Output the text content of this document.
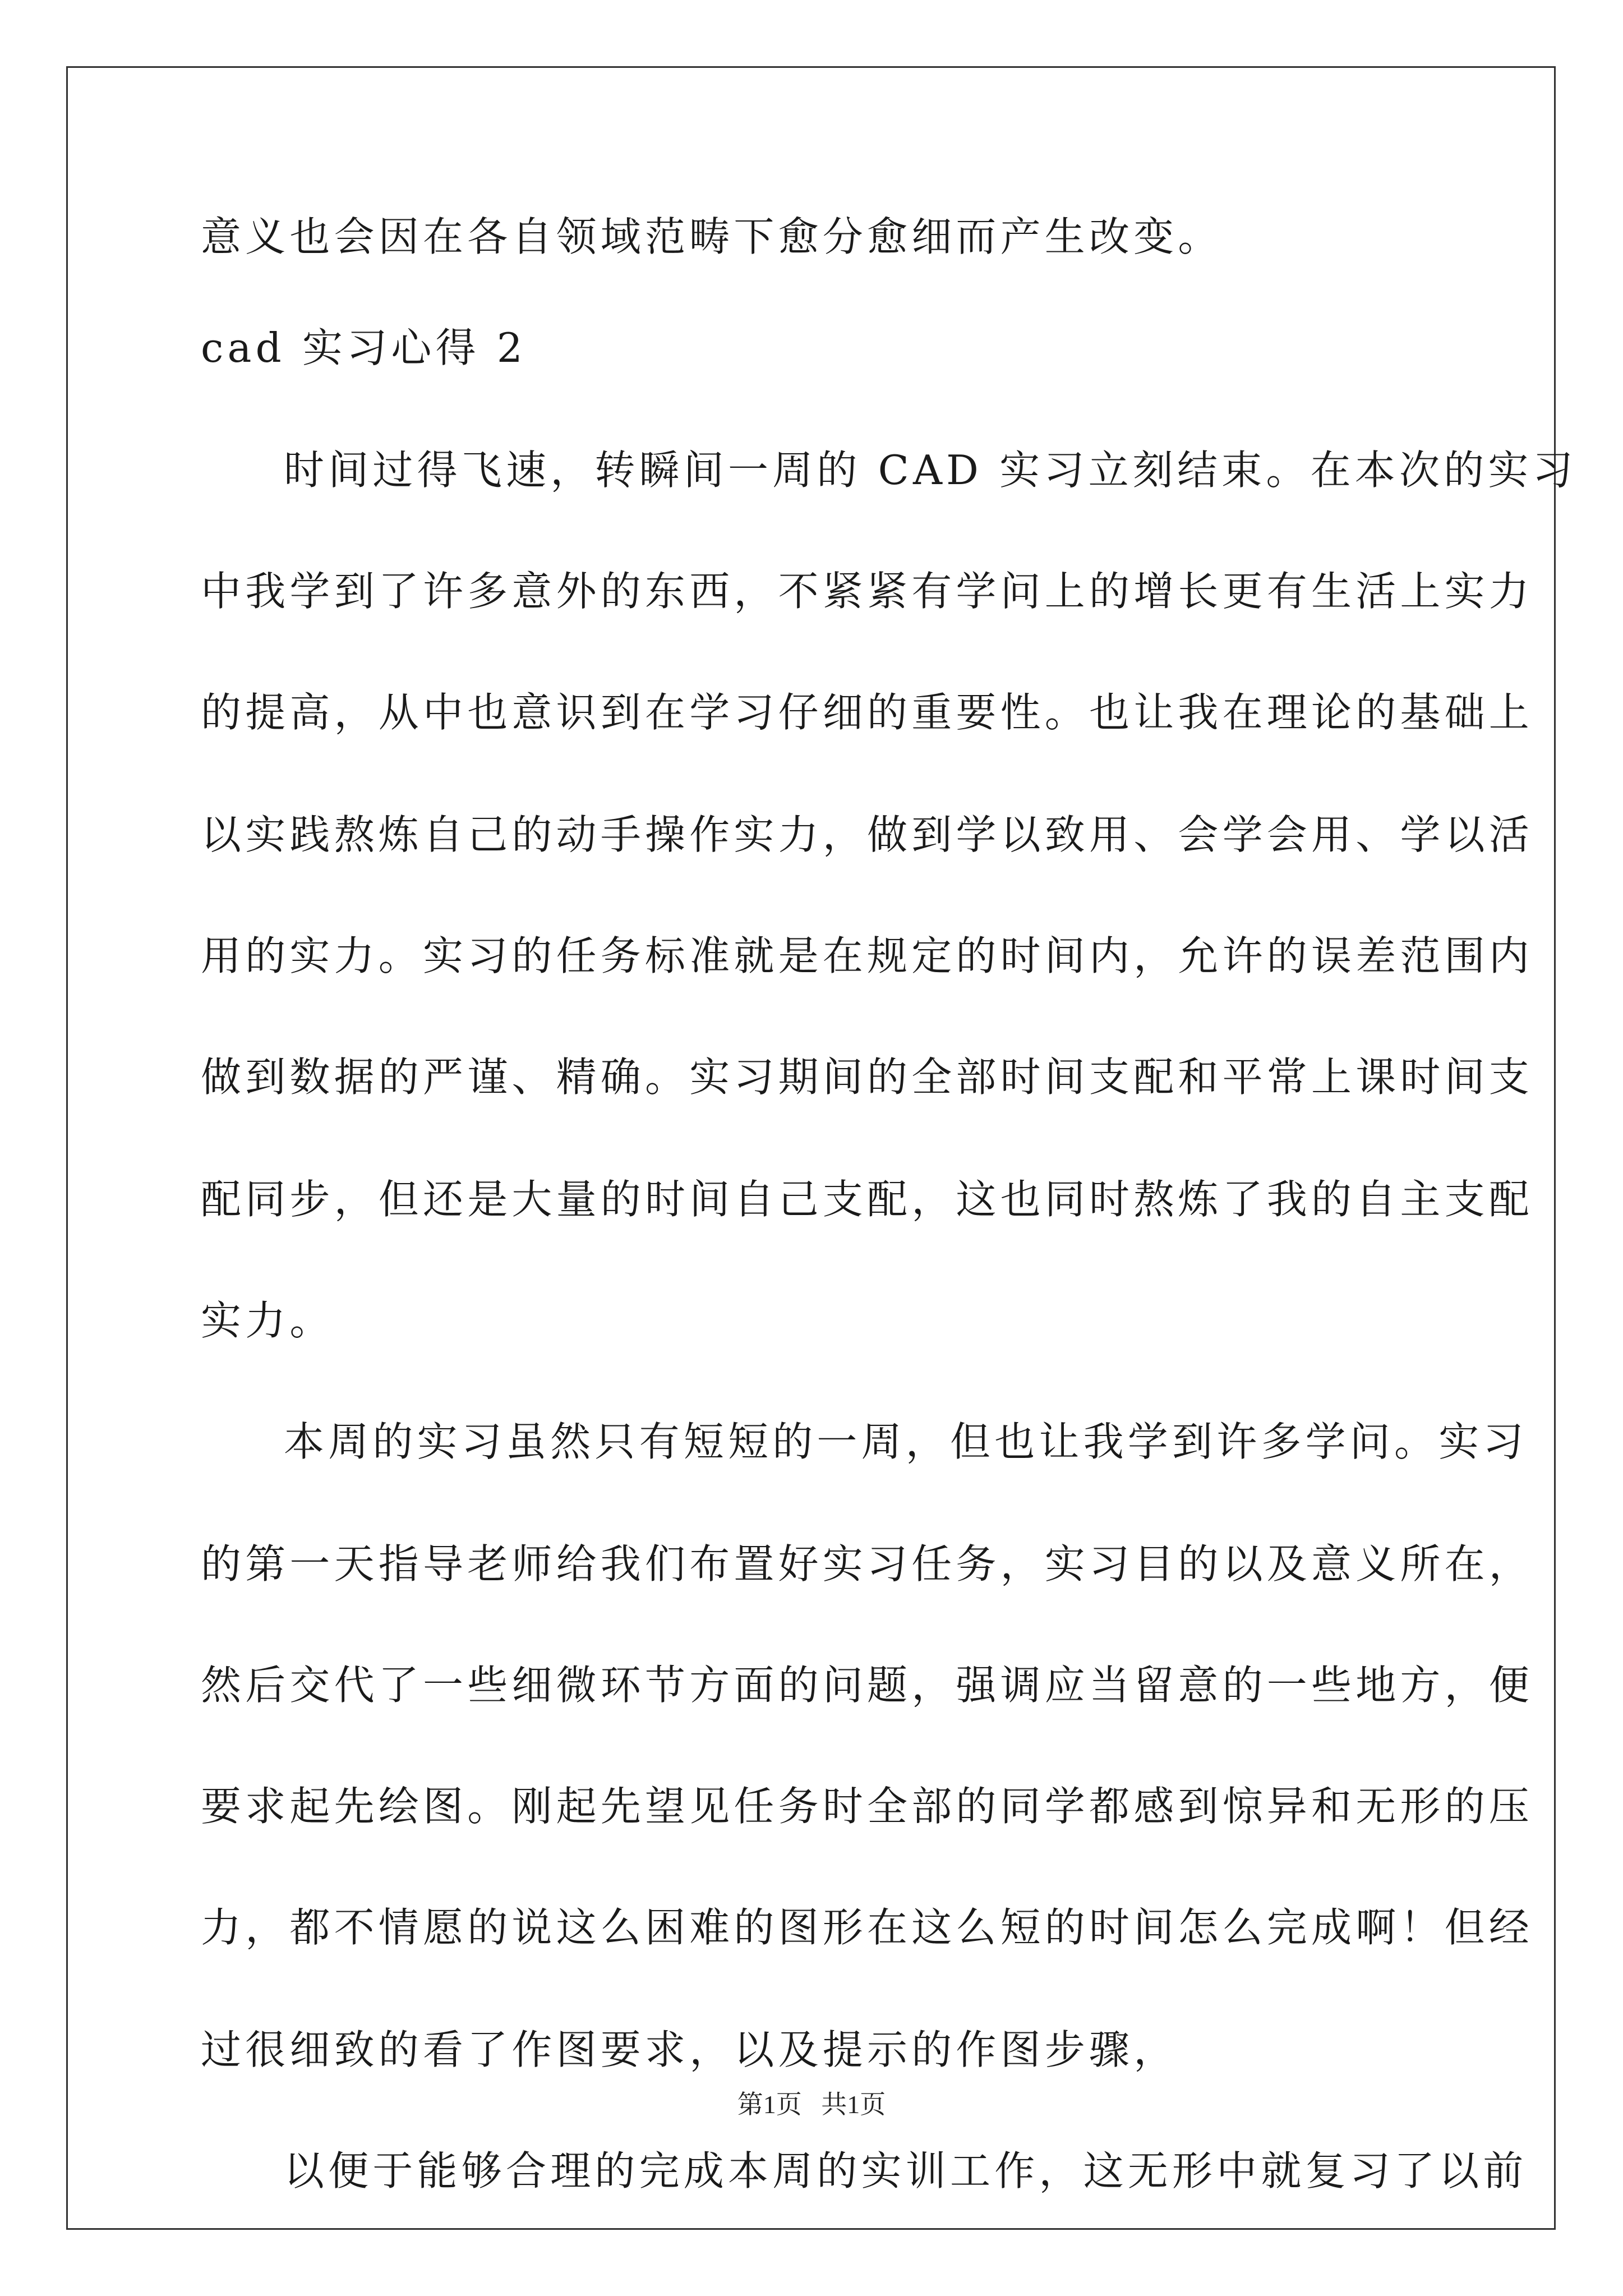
意义也会因在各自领域范畴下愈分愈细而产生改变。
cad 实习心得 2
时间过得飞速，转瞬间一周的 CAD 实习立刻结束。在本次的实习
中我学到了许多意外的东西，不紧紧有学问上的增长更有生活上实力
的提高，从中也意识到在学习仔细的重要性。也让我在理论的基础上
以实践熬炼自己的动手操作实力，做到学以致用、会学会用、学以活
用的实力。实习的任务标准就是在规定的时间内，允许的误差范围内
做到数据的严谨、精确。实习期间的全部时间支配和平常上课时间支
配同步，但还是大量的时间自己支配，这也同时熬炼了我的自主支配
实力。
本周的实习虽然只有短短的一周，但也让我学到许多学问。实习
的第一天指导老师给我们布置好实习任务，实习目的以及意义所在，
然后交代了一些细微环节方面的问题，强调应当留意的一些地方，便
要求起先绘图。刚起先望见任务时全部的同学都感到惊异和无形的压
力，都不情愿的说这么困难的图形在这么短的时间怎么完成啊！但经
过很细致的看了作图要求，以及提示的作图步骤，
以便于能够合理的完成本周的实训工作，这无形中就复习了以前
第1页   共1页
